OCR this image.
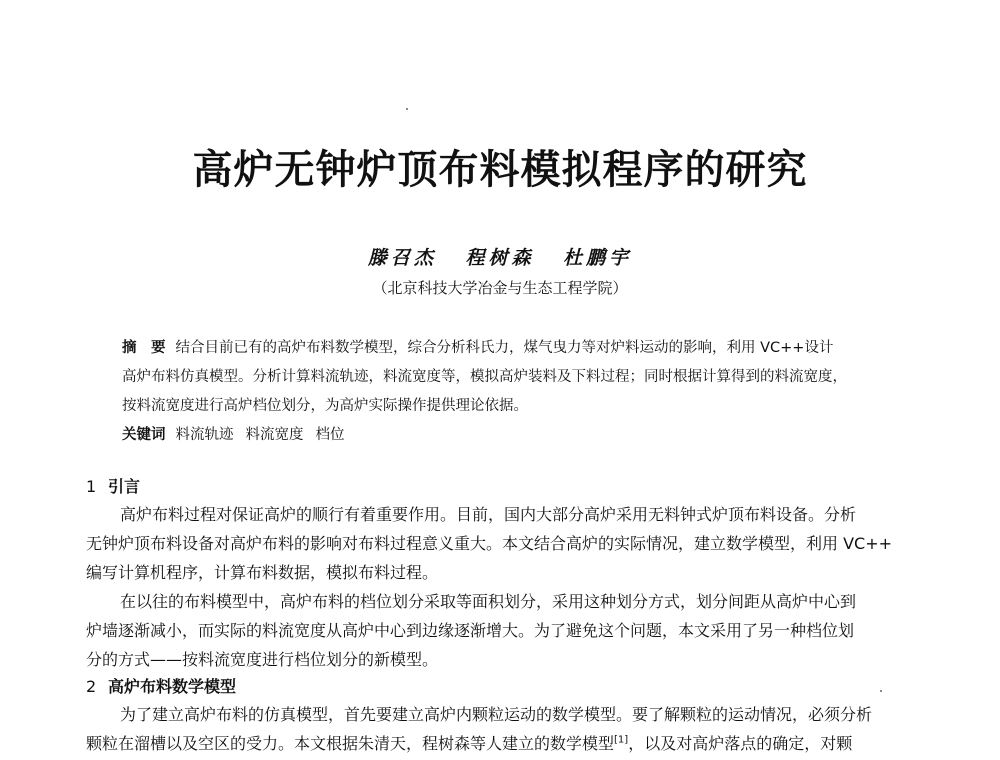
高炉无钟炉顶布料模拟程序的研究
滕召杰 程树森 杜鹏宇
（北京科技大学冶金与生态工程学院）
摘　要 结合目前已有的高炉布料数学模型，综合分析科氏力，煤气曳力等对炉料运动的影响，利用 VC++设计
高炉布料仿真模型。分析计算料流轨迹，料流宽度等，模拟高炉装料及下料过程；同时根据计算得到的料流宽度，
按料流宽度进行高炉档位划分，为高炉实际操作提供理论依据。
关键词 料流轨迹 料流宽度 档位
1 引言
高炉布料过程对保证高炉的顺行有着重要作用。目前，国内大部分高炉采用无料钟式炉顶布料设备。分析
无钟炉顶布料设备对高炉布料的影响对布料过程意义重大。本文结合高炉的实际情况，建立数学模型，利用 VC++
编写计算机程序，计算布料数据，模拟布料过程。
在以往的布料模型中，高炉布料的档位划分采取等面积划分，采用这种划分方式，划分间距从高炉中心到
炉墙逐渐减小，而实际的料流宽度从高炉中心到边缘逐渐增大。为了避免这个问题，本文采用了另一种档位划
分的方式——按料流宽度进行档位划分的新模型。
2 高炉布料数学模型
为了建立高炉布料的仿真模型，首先要建立高炉内颗粒运动的数学模型。要了解颗粒的运动情况，必须分析
颗粒在溜槽以及空区的受力。本文根据朱清天，程树森等人建立的数学模型[1]，以及对高炉落点的确定，对颗
